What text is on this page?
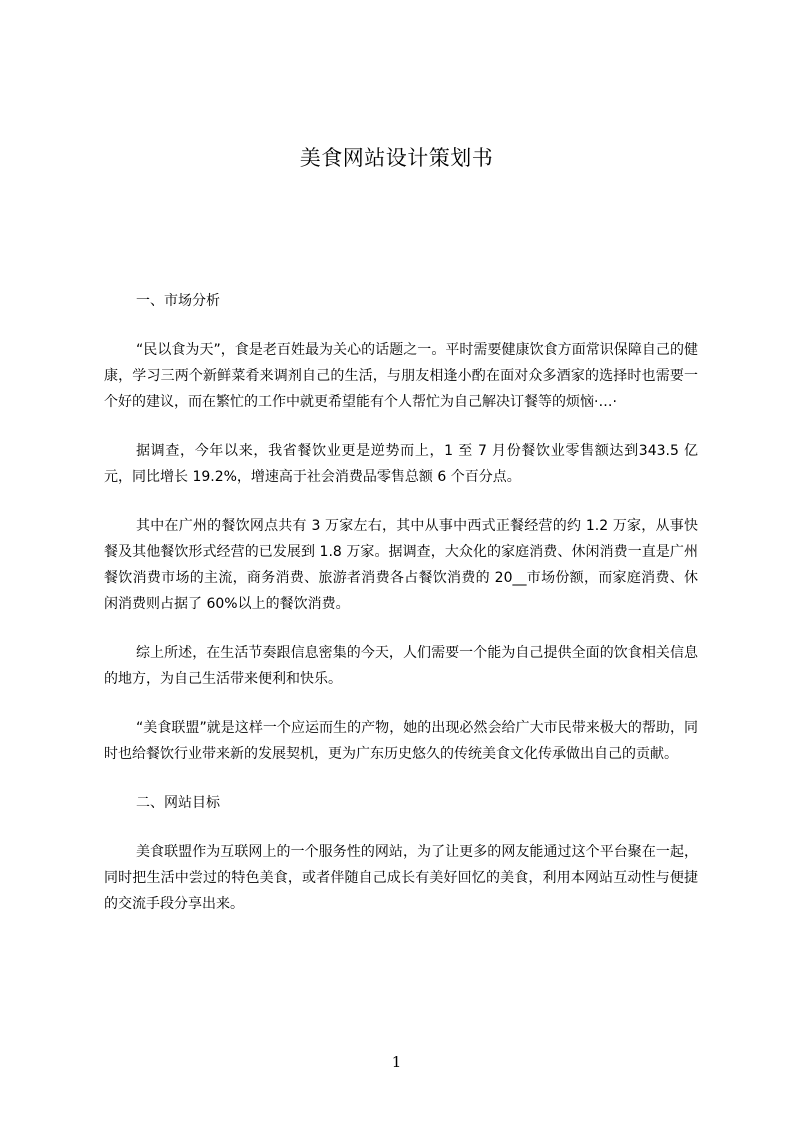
美食网站设计策划书

一、市场分析

“民以食为天”，食是老百姓最为关心的话题之一。平时需要健康饮食方面常识保障自己的健康，学习三两个新鲜菜肴来调剂自己的生活，与朋友相逢小酌在面对众多酒家的选择时也需要一个好的建议，而在繁忙的工作中就更希望能有个人帮忙为自己解决订餐等的烦恼·…·

据调查，今年以来，我省餐饮业更是逆势而上，1 至 7 月份餐饮业零售额达到343.5 亿元，同比增长 19.2%，增速高于社会消费品零售总额 6 个百分点。

其中在广州的餐饮网点共有 3 万家左右，其中从事中西式正餐经营的约 1.2 万家，从事快餐及其他餐饮形式经营的已发展到 1.8 万家。据调查，大众化的家庭消费、休闲消费一直是广州餐饮消费市场的主流，商务消费、旅游者消费各占餐饮消费的 20__市场份额，而家庭消费、休闲消费则占据了 60%以上的餐饮消费。

综上所述，在生活节奏跟信息密集的今天，人们需要一个能为自己提供全面的饮食相关信息的地方，为自己生活带来便利和快乐。

“美食联盟”就是这样一个应运而生的产物，她的出现必然会给广大市民带来极大的帮助，同时也给餐饮行业带来新的发展契机，更为广东历史悠久的传统美食文化传承做出自己的贡献。

二、网站目标

美食联盟作为互联网上的一个服务性的网站，为了让更多的网友能通过这个平台聚在一起，同时把生活中尝过的特色美食，或者伴随自己成长有美好回忆的美食，利用本网站互动性与便捷的交流手段分享出来。

1
